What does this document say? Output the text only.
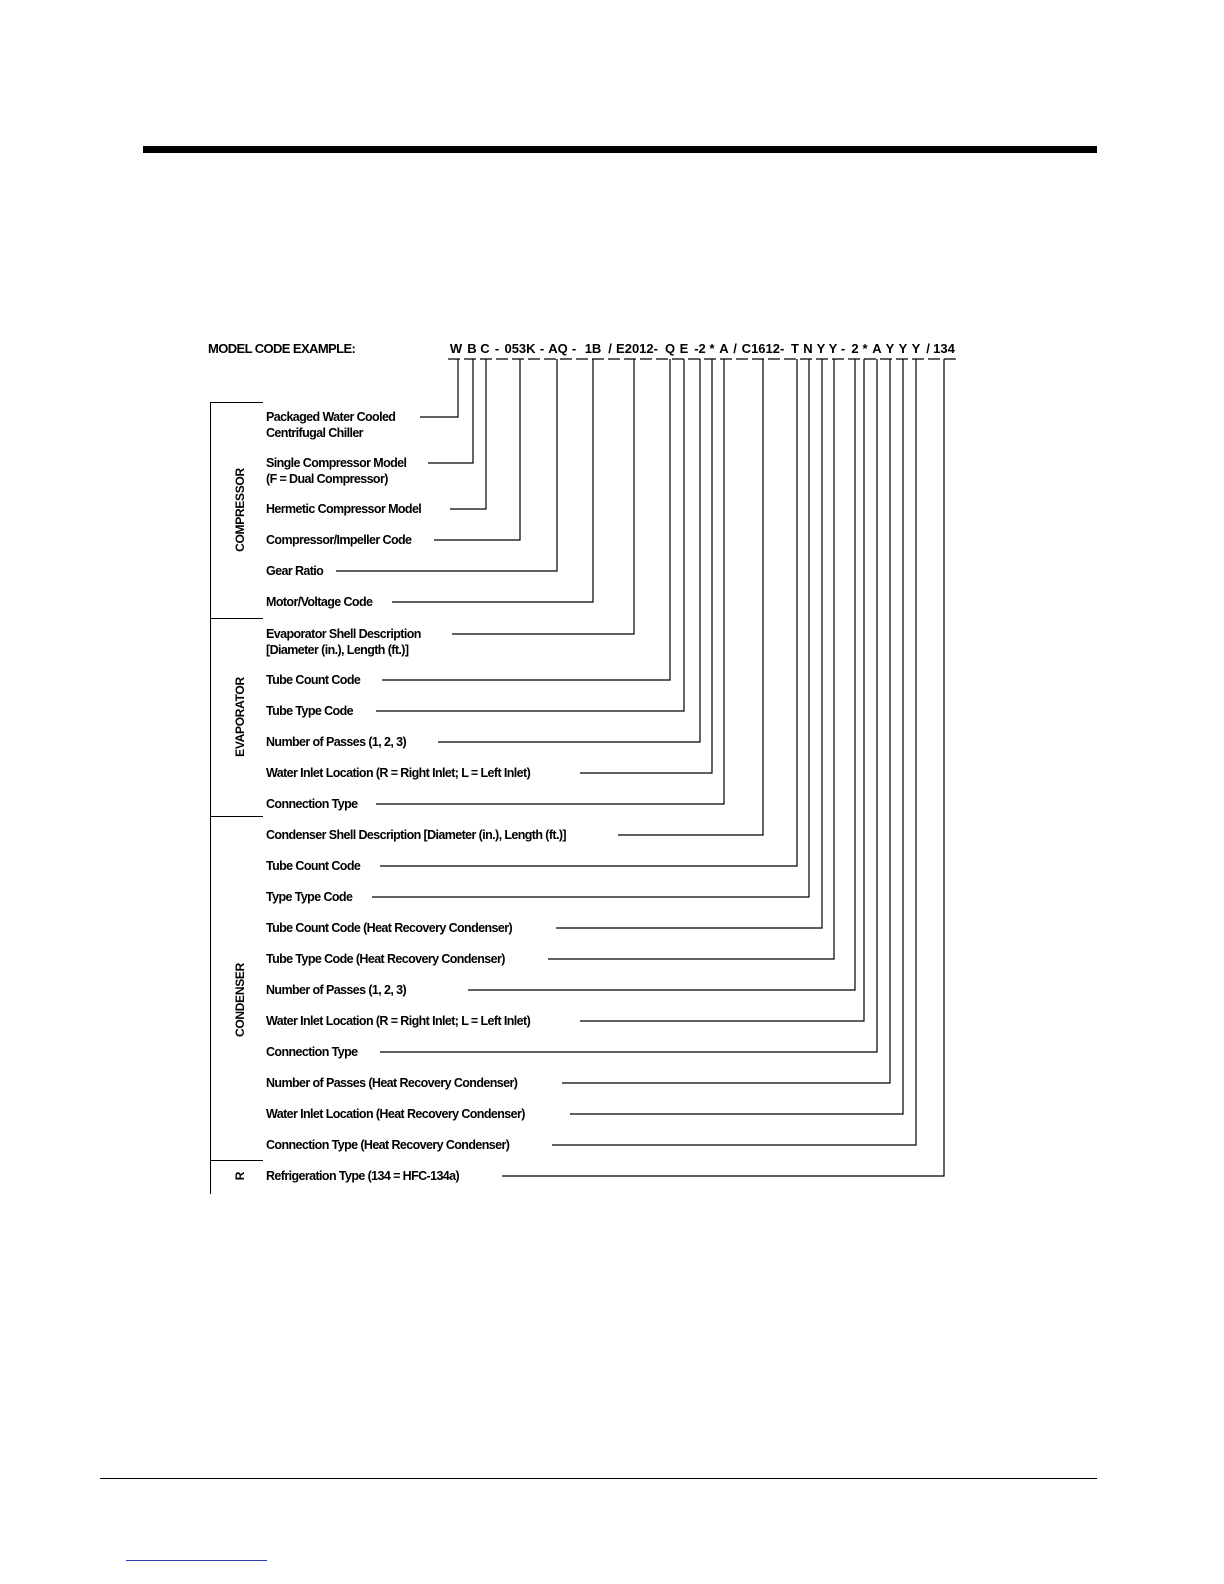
MODEL CODE EXAMPLE:	W B C - 053K - AQ - 1B / E2012- Q E -2 * A / C1612- T N Y Y - 2 * A Y Y Y / 134
COMPRESSOR
EVAPORATOR
CONDENSER
R
Packaged Water Cooled
Centrifugal Chiller
Single Compressor Model
(F = Dual Compressor)
Hermetic Compressor Model
Compressor/Impeller Code
Gear Ratio
Motor/Voltage Code
Evaporator Shell Description
[Diameter (in.), Length (ft.)]
Tube Count Code
Tube Type Code
Number of Passes (1, 2, 3)
Water Inlet Location (R = Right Inlet; L = Left Inlet)
Connection Type
Condenser Shell Description [Diameter (in.), Length (ft.)]
Tube Count Code
Type Type Code
Tube Count Code (Heat Recovery Condenser)
Tube Type Code (Heat Recovery Condenser)
Number of Passes (1, 2, 3)
Water Inlet Location (R = Right Inlet; L = Left Inlet)
Connection Type
Number of Passes (Heat Recovery Condenser)
Water Inlet Location (Heat Recovery Condenser)
Connection Type (Heat Recovery Condenser)
Refrigeration Type (134 = HFC-134a)
